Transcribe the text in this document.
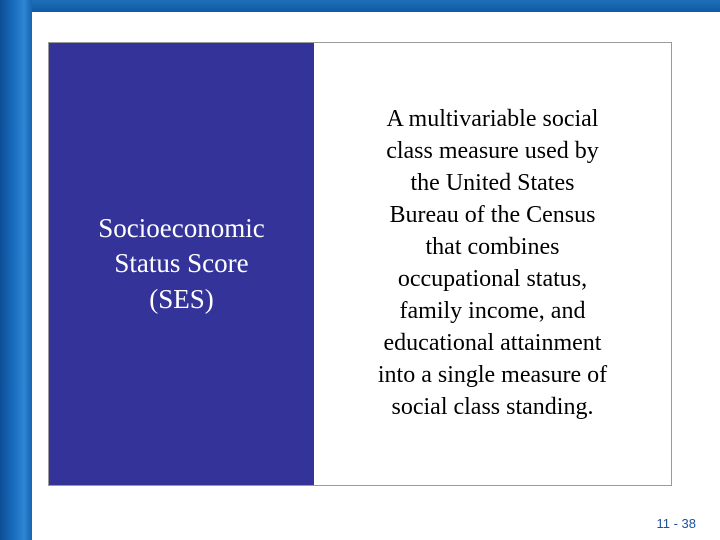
Socioeconomic
Status Score
(SES)
A multivariable social
class measure used by
the United States
Bureau of the Census
that combines
occupational status,
family income, and
educational attainment
into a single measure of
social class standing.
11 - 38
